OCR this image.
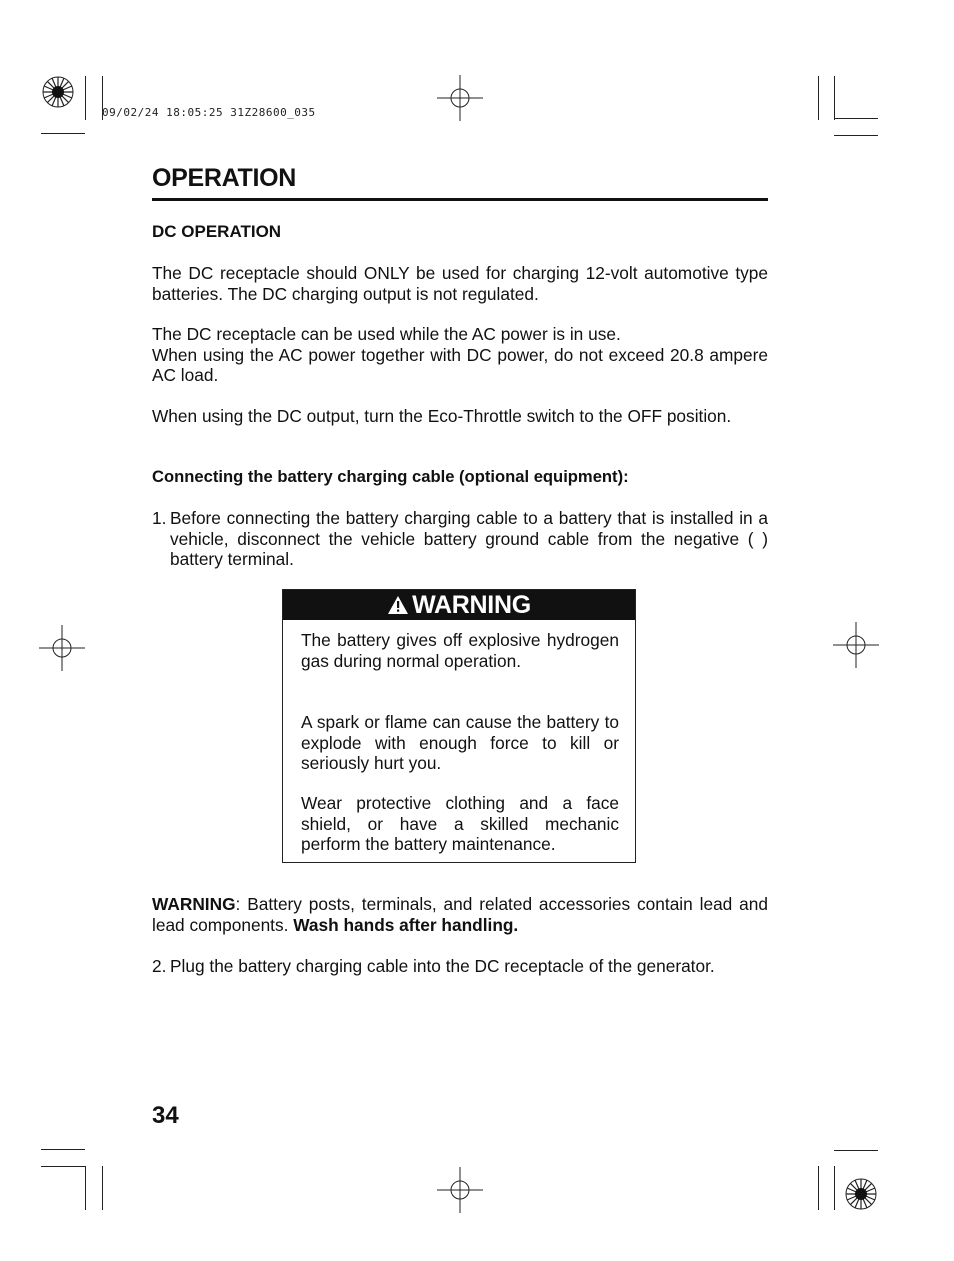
09/02/24 18:05:25 31Z28600_035
OPERATION
DC OPERATION
The DC receptacle should ONLY be used for charging 12-volt automotive type batteries. The DC charging output is not regulated.
The DC receptacle can be used while the AC power is in use.
When using the AC power together with DC power, do not exceed 20.8 ampere AC load.
When using the DC output, turn the Eco-Throttle switch to the OFF position.
Connecting the battery charging cable (optional equipment):
1. Before connecting the battery charging cable to a battery that is installed in a vehicle, disconnect the vehicle battery ground cable from the negative ( ) battery terminal.
WARNING
The battery gives off explosive hydrogen gas during normal operation.
A spark or flame can cause the battery to explode with enough force to kill or seriously hurt you.
Wear protective clothing and a face shield, or have a skilled mechanic perform the battery maintenance.
WARNING: Battery posts, terminals, and related accessories contain lead and lead components. Wash hands after handling.
2. Plug the battery charging cable into the DC receptacle of the generator.
34
